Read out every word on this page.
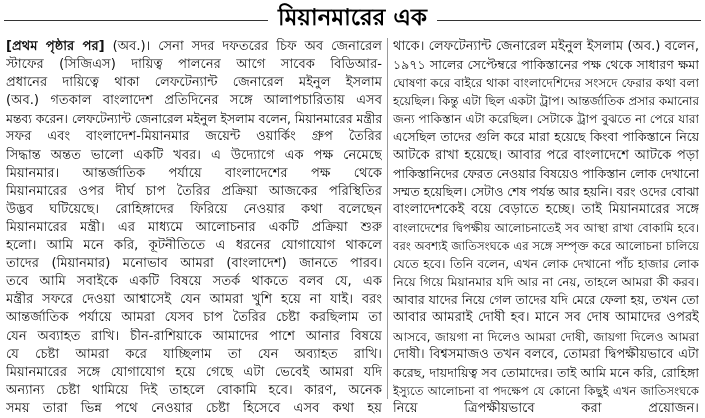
মিয়ানমারের এক
[প্রথম পৃষ্ঠার পর] (অব.)। সেনা সদর দফতরের চিফ অব জেনারেল
স্টাফের (সিজিএস) দায়িত্ব পালনের আগে সাবেক বিডিআর-
প্রধানের দায়িত্বে থাকা লেফটেন্যান্ট জেনারেল মইনুল ইসলাম
(অব.) গতকাল বাংলাদেশ প্রতিদিনের সঙ্গে আলাপচারিতায় এসব
মন্তব্য করেন। লেফটেন্যান্ট জেনারেল মইনুল ইসলাম বলেন, মিয়ানমারের মন্ত্রীর
সফর এবং বাংলাদেশ-মিয়ানমার জয়েন্ট ওয়ার্কিং গ্রুপ তৈরির
সিদ্ধান্ত অন্তত ভালো একটি খবর। এ উদ্যোগে এক পক্ষ নেমেছে
মিয়ানমার। আন্তর্জাতিক পর্যায়ে বাংলাদেশের পক্ষ থেকে
মিয়ানমারের ওপর দীর্ঘ চাপ তৈরির প্রক্রিয়া আজকের পরিস্থিতির
উদ্ভব ঘটিয়েছে। রোহিঙ্গাদের ফিরিয়ে নেওয়ার কথা বলেছেন
মিয়ানমারের মন্ত্রী। এর মাধ্যমে আলোচনার একটি প্রক্রিয়া শুরু
হলো। আমি মনে করি, কূটনীতিতে এ ধরনের যোগাযোগ থাকলে
তাদের (মিয়ানমার) মনোভাব আমরা (বাংলাদেশ) জানতে পারব।
তবে আমি সবাইকে একটি বিষয়ে সতর্ক থাকতে বলব যে, এক
মন্ত্রীর সফরে দেওয়া আশ্বাসেই যেন আমরা খুশি হয়ে না যাই। বরং
আন্তর্জাতিক পর্যায়ে আমরা যেসব চাপ তৈরির চেষ্টা করছিলাম তা
যেন অব্যাহত রাখি। চীন-রাশিয়াকে আমাদের পাশে আনার বিষয়ে
যে চেষ্টা আমরা করে যাচ্ছিলাম তা যেন অব্যাহত রাখি।
মিয়ানমারের সঙ্গে যোগাযোগ হয়ে গেছে এটা ভেবেই আমরা যদি
অন্যান্য চেষ্টা থামিয়ে দিই তাহলে বোকামি হবে। কারণ, অনেক
সময় তারা ভিন্ন পথে নেওয়ার চেষ্টা হিসেবে এসব কথা হয়
থাকে। লেফটেন্যান্ট জেনারেল মইনুল ইসলাম (অব.) বলেন,
১৯৭১ সালের সেপ্টেম্বরে পাকিস্তানের পক্ষ থেকে সাধারণ ক্ষমা
ঘোষণা করে বাইরে থাকা বাংলাদেশিদের সংসদে ফেরার কথা বলা
হয়েছিল। কিন্তু এটা ছিল একটা ট্রাপ। আন্তর্জাতিক প্রসার কমানোর
জন্য পাকিস্তান এটা করেছিল। সেটাকে ট্রাপ বুঝতে না পেরে যারা
এসেছিল তাদের গুলি করে মারা হয়েছে কিংবা পাকিস্তানে নিয়ে
আটকে রাখা হয়েছে। আবার পরে বাংলাদেশে আটকে পড়া
পাকিস্তানিদের ফেরত নেওয়ার বিষয়েও পাকিস্তান লোক দেখানো
সম্মত হয়েছিল। সেটাও শেষ পর্যন্ত আর হয়নি। বরং ওদের বোঝা
বাংলাদেশকেই বয়ে বেড়াতে হচ্ছে। তাই মিয়ানমারের সঙ্গে
বাংলাদেশের দ্বিপক্ষীয় আলোচনাতেই সব আস্থা রাখা বোকামি হবে।
বরং অবশ্যই জাতিসংঘকে এর সঙ্গে সম্পৃক্ত করে আলোচনা চালিয়ে
যেতে হবে। তিনি বলেন, এখন লোক দেখানো পাঁচ হাজার লোক
নিয়ে গিয়ে মিয়ানমার যদি আর না নেয়, তাহলে আমরা কী করব।
আবার যাদের নিয়ে গেল তাদের যদি মেরে ফেলা হয়, তখন তো
আবার আমরাই দোষী হব। মানে সব দোষ আমাদের ওপরই
আসবে, জায়গা না দিলেও আমরা দোষী, জায়গা দিলেও আমরা
দোষী। বিশ্বসমাজও তখন বলবে, তোমরা দ্বিপক্ষীয়ভাবে এটা
করেছ, দায়দায়িত্ব সব তোমাদের। তাই আমি মনে করি, রোহিঙ্গা
ইস্যুতে আলোচনা বা পদক্ষেপ যে কোনো কিছুই এখন জাতিসংঘকে
নিয়ে ত্রিপক্ষীয়ভাবে করা প্রয়োজন।
